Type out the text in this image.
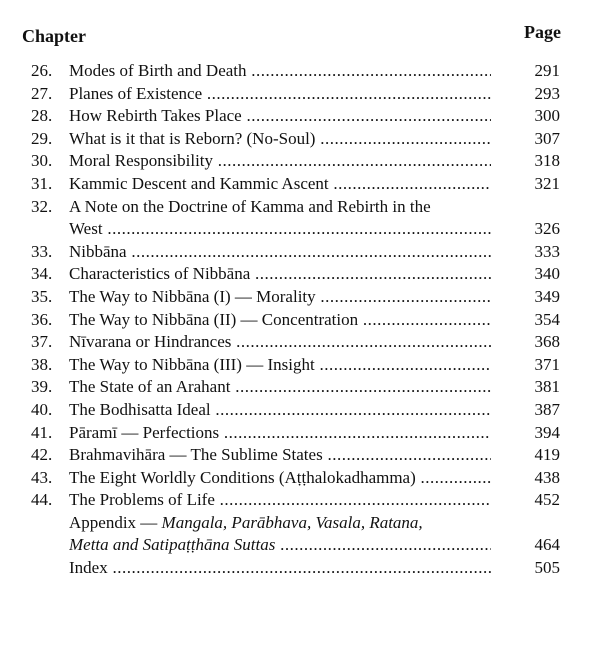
Chapter	Page
26. Modes of Birth and Death .....	291
27. Planes of Existence .....	293
28. How Rebirth Takes Place .....	300
29. What is it that is Reborn? (No-Soul) .....	307
30. Moral Responsibility .....	318
31. Kammic Descent and Kammic Ascent .....	321
32. A Note on the Doctrine of Kamma and Rebirth in the
West .....	326
33. Nibbāna .....	333
34. Characteristics of Nibbāna .....	340
35. The Way to Nibbāna (I) — Morality .....	349
36. The Way to Nibbāna (II) — Concentration .....	354
37. Nīvarana or Hindrances .....	368
38. The Way to Nibbāna (III) — Insight .....	371
39. The State of an Arahant .....	381
40. The Bodhisatta Ideal .....	387
41. Pāramī — Perfections .....	394
42. Brahmavihāra — The Sublime States .....	419
43. The Eight Worldly Conditions (Aṭṭhalokadhamma) .....	438
44. The Problems of Life .....	452
Appendix — Mangala, Parābhava, Vasala, Ratana,
Metta and Satipaṭṭhāna Suttas .....	464
Index .....	505
